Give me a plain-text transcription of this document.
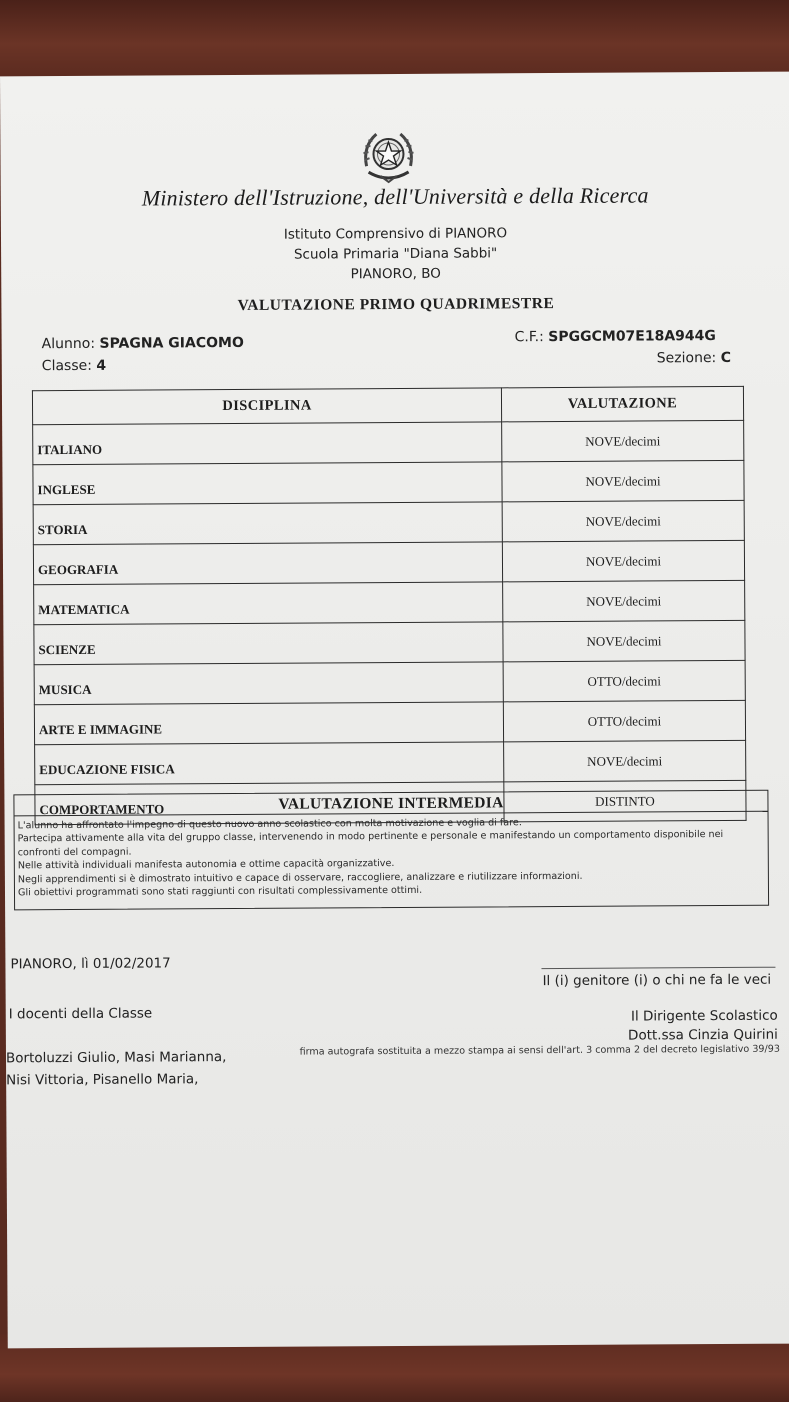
Ministero dell'Istruzione, dell'Università e della Ricerca
Istituto Comprensivo di PIANORO
Scuola Primaria "Diana Sabbi"
PIANORO, BO
VALUTAZIONE PRIMO QUADRIMESTRE
Alunno: SPAGNA GIACOMO
Classe: 4
C.F.: SPGGCM07E18A944G
Sezione: C
DISCIPLINA	VALUTAZIONE
ITALIANO	NOVE/decimi
INGLESE	NOVE/decimi
STORIA	NOVE/decimi
GEOGRAFIA	NOVE/decimi
MATEMATICA	NOVE/decimi
SCIENZE	NOVE/decimi
MUSICA	OTTO/decimi
ARTE E IMMAGINE	OTTO/decimi
EDUCAZIONE FISICA	NOVE/decimi
COMPORTAMENTO	DISTINTO
VALUTAZIONE INTERMEDIA

L'alunno ha affrontato l'impegno di questo nuovo anno scolastico con molta motivazione e voglia di fare.

Partecipa attivamente alla vita del gruppo classe, intervenendo in modo pertinente e personale e manifestando un comportamento disponibile nei confronti del compagni.

Nelle attività individuali manifesta autonomia e ottime capacità organizzative.

Negli apprendimenti si è dimostrato intuitivo e capace di osservare, raccogliere, analizzare e riutilizzare informazioni.

Gli obiettivi programmati sono stati raggiunti con risultati complessivamente ottimi.

PIANORO, lì 01/02/2017
Il (i) genitore (i) o chi ne fa le veci
I docenti della Classe	Il Dirigente Scolastico
Dott.ssa Cinzia Quirini
firma autografa sostituita a mezzo stampa ai sensi dell'art. 3 comma 2 del decreto legislativo 39/93
Bortoluzzi Giulio, Masi Marianna,
Nisi Vittoria, Pisanello Maria,
